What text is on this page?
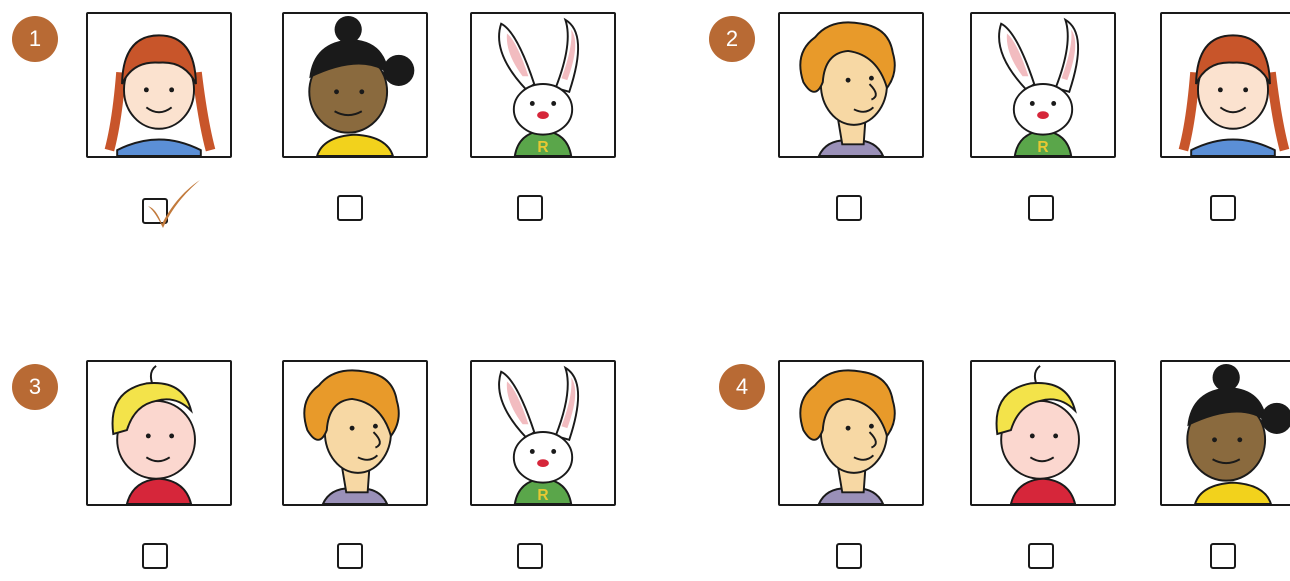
1
R
2
R
3
R
4
